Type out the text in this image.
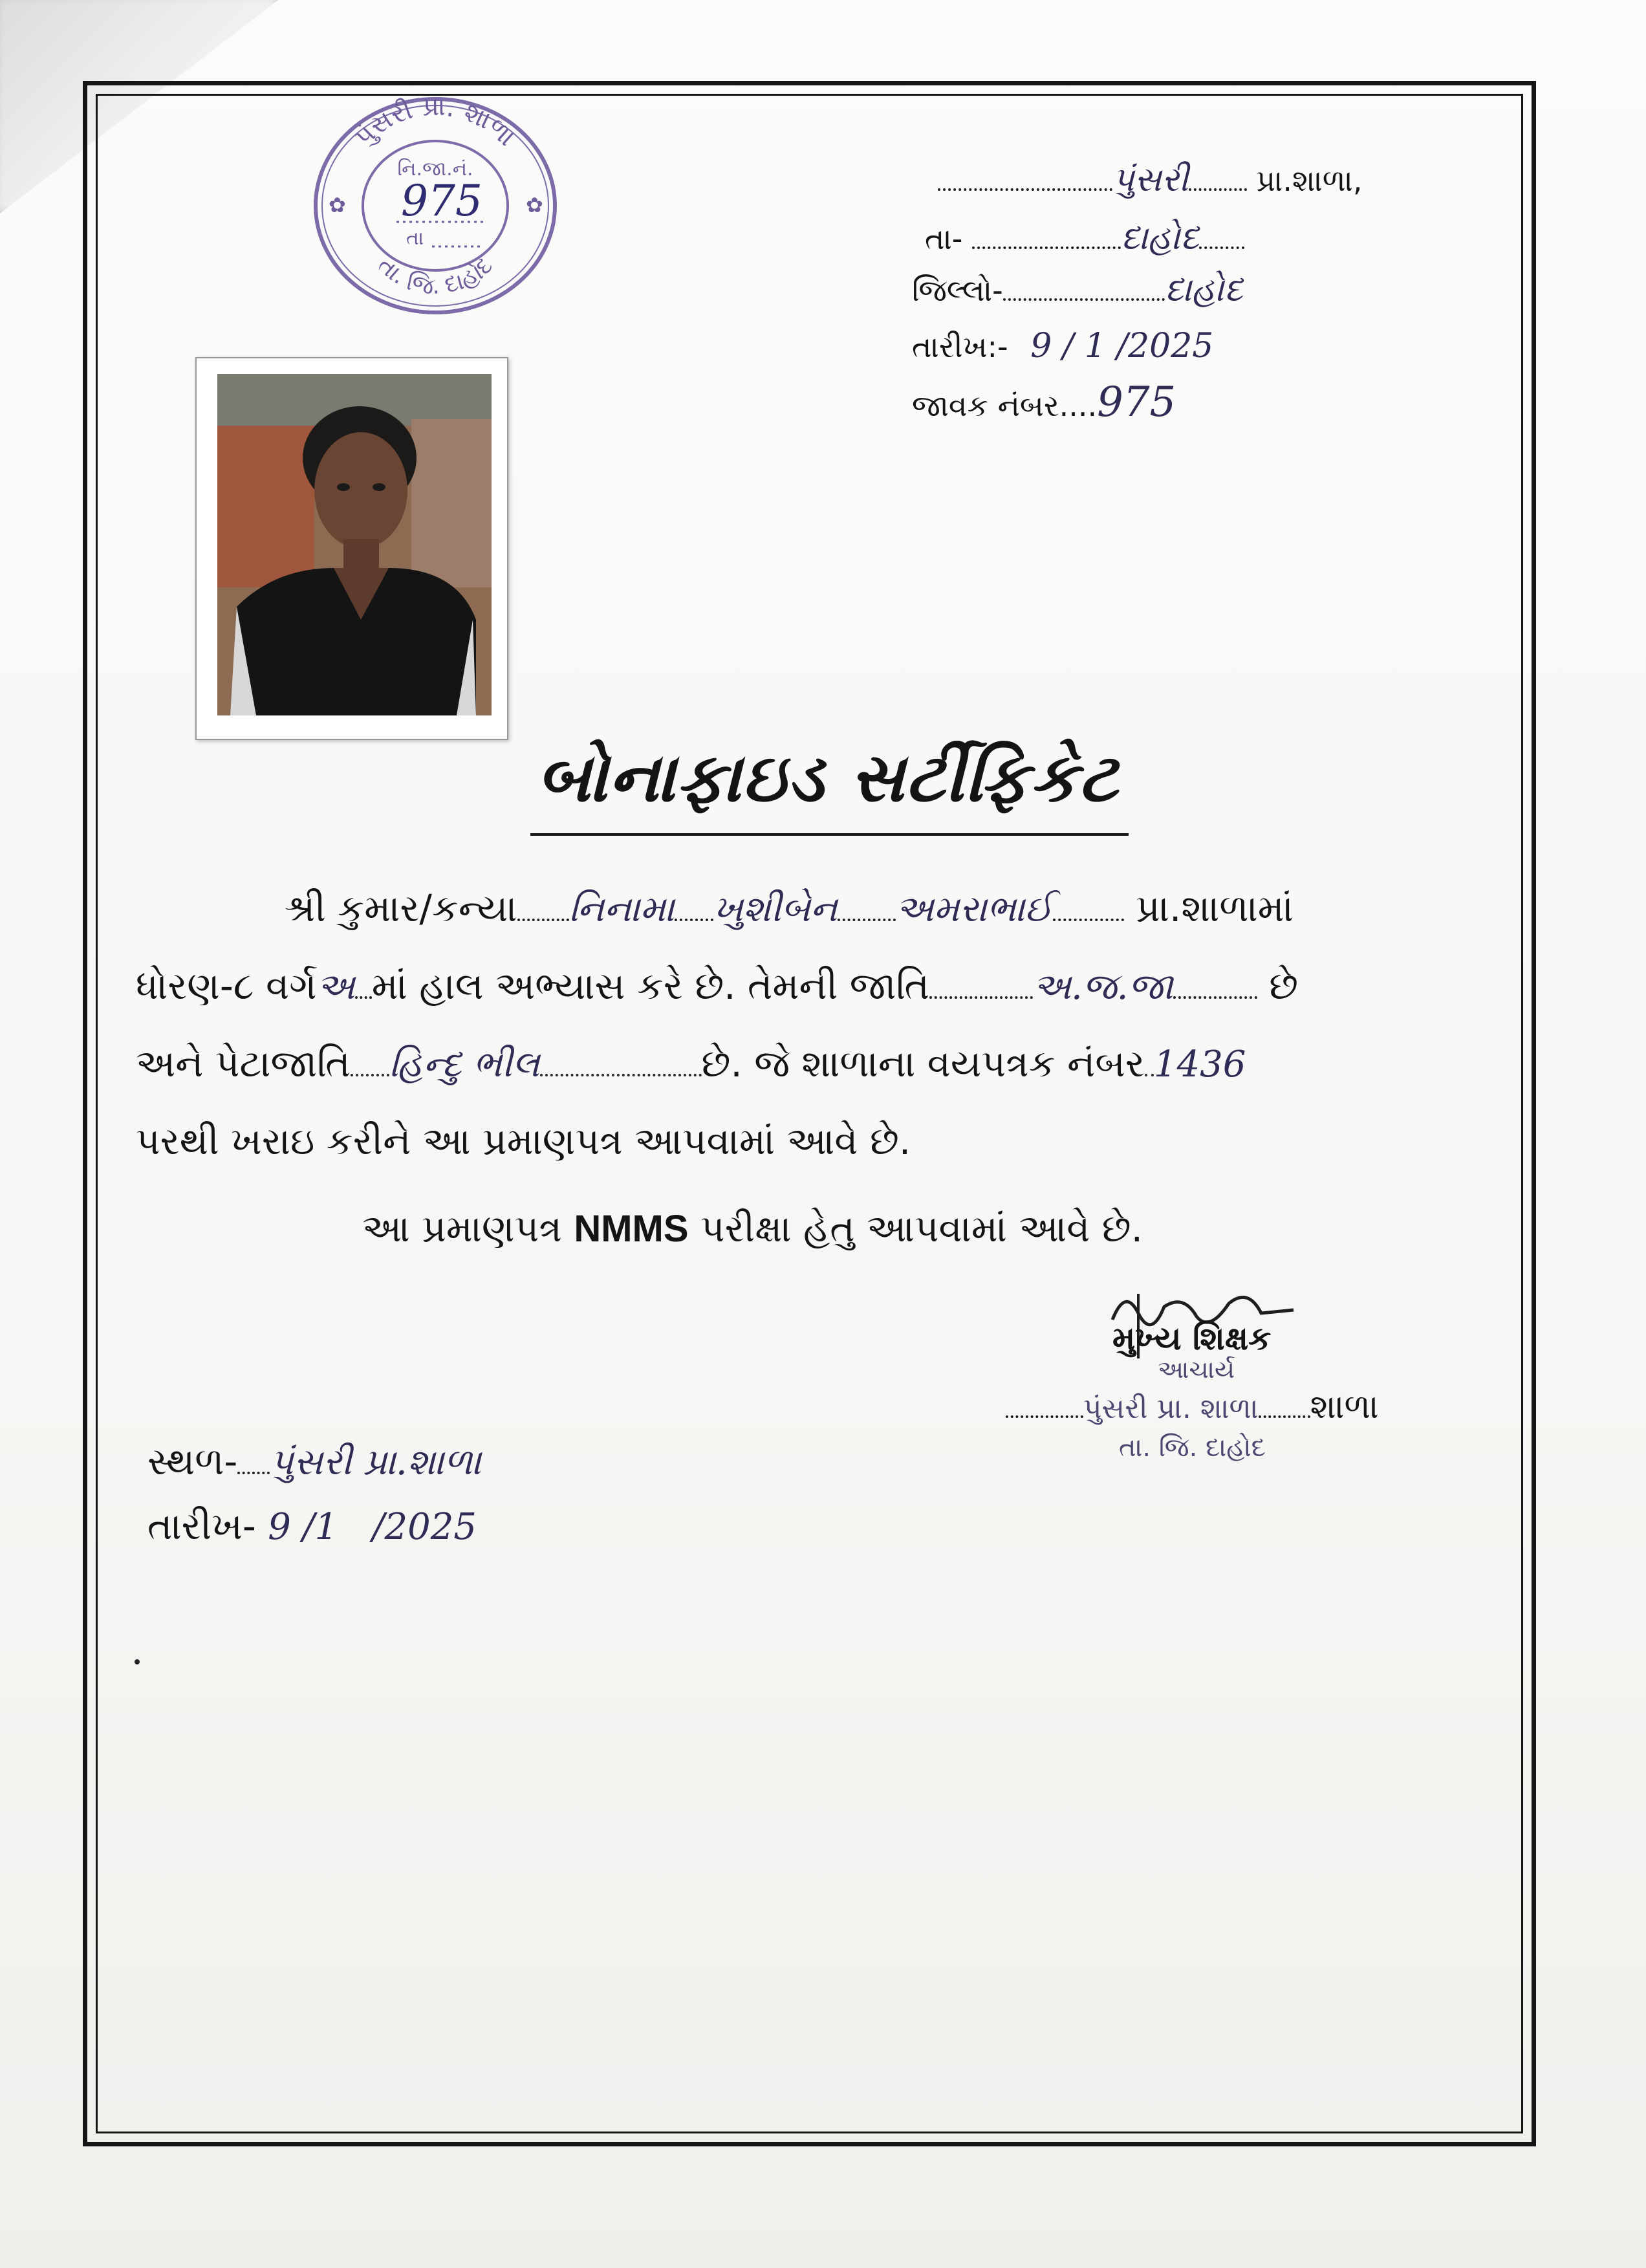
પુંસરી પ્રા. શાળા
તા. જિ. દાહોદ
✿	✿
નિ.જા.નં.
975
તા
પુંસરી પ્રા.શાળા,
તા-	દાહોદ
જિલ્લો-	દાહોદ
તારીખ:- 9 / 1 /2025
જાવક નંબર....975
બોનાફાઇડ સર્ટીફિકેટ
શ્રી કુમાર/કન્યા નિનામા ખુશીબેન અમરાભાઈ પ્રા.શાળામાં
ધોરણ-૮ વર્ગઅ માં હાલ અભ્યાસ કરે છે. તેમની જાતિ	અ.જ.જા	છે
અને પેટાજાતિ હિન્દુ ભીલ	છે. જે શાળાના વયપત્રક નંબર 1436
પરથી ખરાઇ કરીને આ પ્રમાણપત્ર આપવામાં આવે છે.
આ પ્રમાણપત્ર NMMS પરીક્ષા હેતુ આપવામાં આવે છે.
મુખ્ય શિક્ષક
આચાર્ય
પુંસરી પ્રા. શાળા શાળા
તા. જિ. દાહોદ
સ્થળ- પુંસરી પ્રા.શાળા
તારીખ- 9 /1   /2025
